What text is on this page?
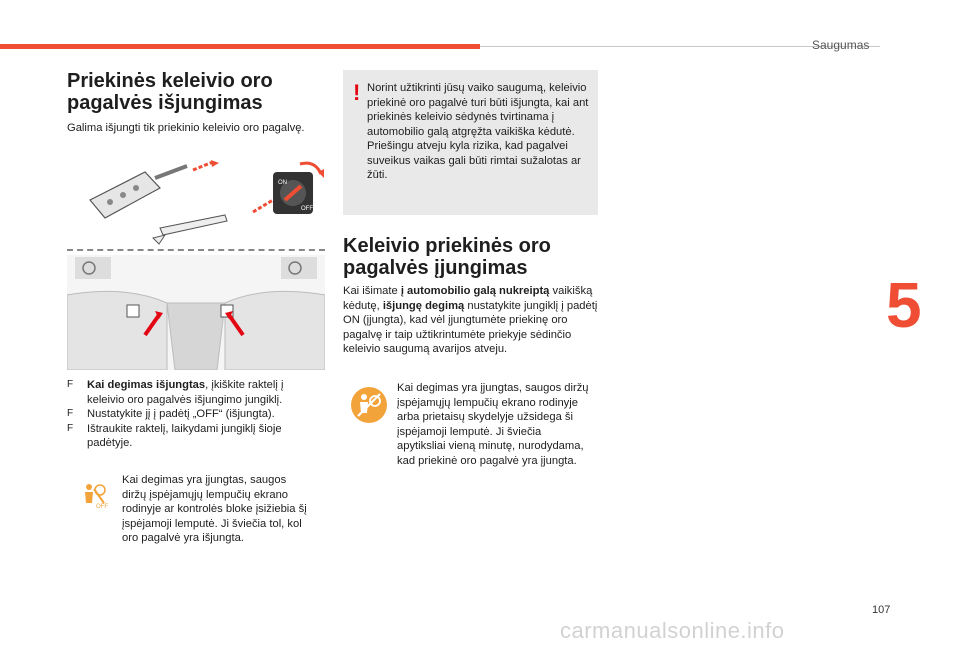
Saugumas
5
107
carmanualsonline.info
Priekinės keleivio oro
pagalvės išjungimas

Galima išjungti tik priekinio keleivio oro pagalvę.

ON
OFF
F Kai degimas išjungtas, įkiškite raktelį į keleivio oro pagalvės išjungimo jungiklį.
F Nustatykite jį į padėtį „OFF“ (išjungta).
F Ištraukite raktelį, laikydami jungiklį šioje padėtyje.
OFF

Kai degimas yra įjungtas, saugos diržų įspėjamųjų lempučių ekrano rodinyje ar kontrolės bloke įsižiebia šį įspėjamoji lemputė. Ji šviečia tol, kol oro pagalvė yra išjungta.

! Norint užtikrinti jūsų vaiko saugumą, keleivio priekinė oro pagalvė turi būti išjungta, kai ant priekinės keleivio sėdynės tvirtinama į automobilio galą atgręžta vaikiška kėdutė. Priešingu atveju kyla rizika, kad pagalvei suveikus vaikas gali būti rimtai sužalotas ar žūti.

Keleivio priekinės oro
pagalvės įjungimas

Kai išimate į automobilio galą nukreiptą vaikišką kėdutę, išjungę degimą nustatykite jungiklį į padėtį ON (įjungta), kad vėl įjungtumėte priekinę oro pagalvę ir taip užtikrintumėte priekyje sėdinčio keleivio saugumą avarijos atveju.

Kai degimas yra įjungtas, saugos diržų įspėjamųjų lempučių ekrano rodinyje arba prietaisų skydelyje užsidega ši įspėjamoji lemputė. Ji šviečia apytiksliai vieną minutę, nurodydama, kad priekinė oro pagalvė yra įjungta.
